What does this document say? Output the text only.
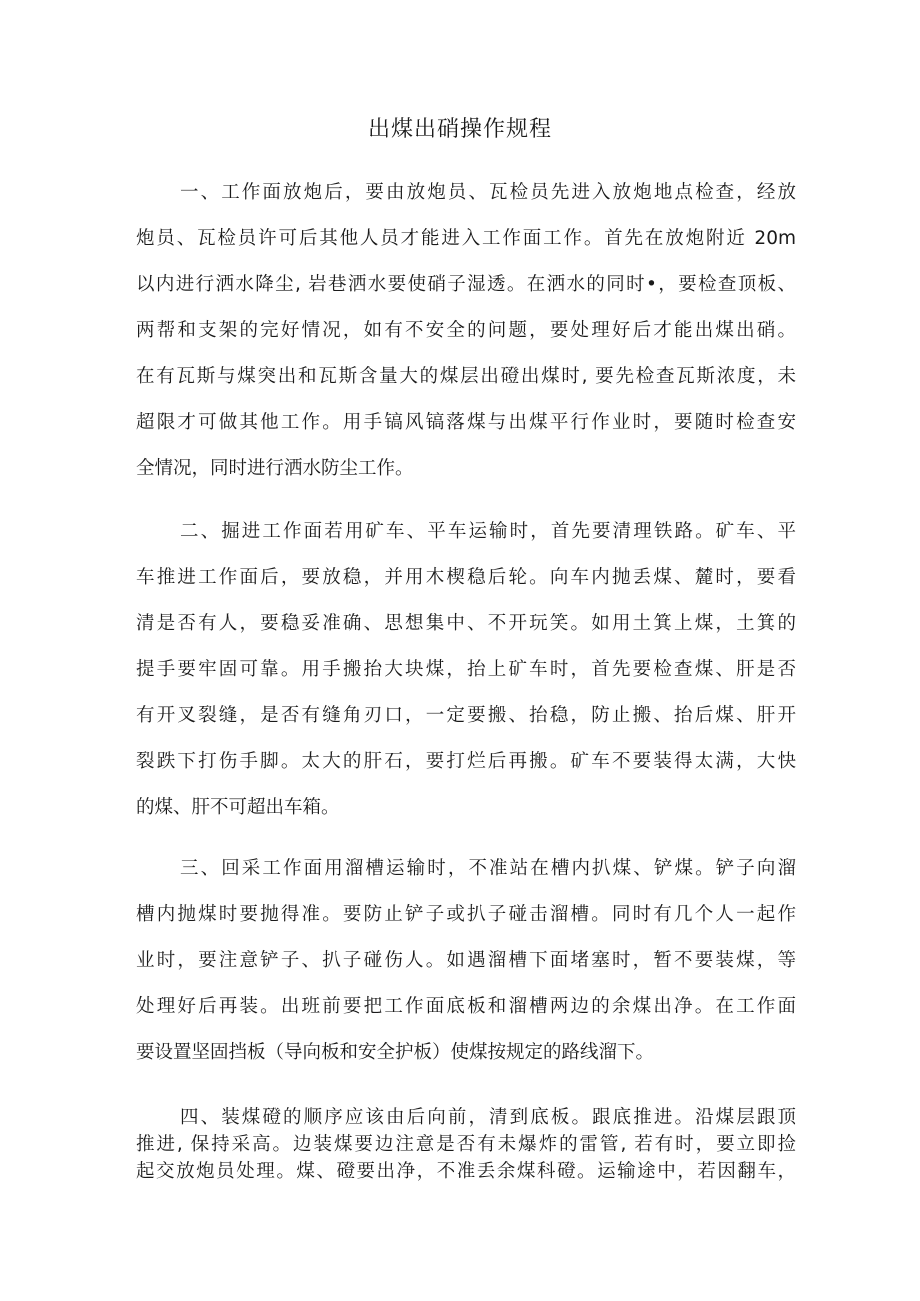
出煤出硝操作规程
一、工作面放炮后，要由放炮员、瓦检员先进入放炮地点检查，经放
炮员、瓦检员许可后其他人员才能进入工作面工作。首先在放炮附近 20m
以内进行洒水降尘, 岩巷洒水要使硝子湿透。在洒水的同时•，要检查顶板、
两帮和支架的完好情况，如有不安全的问题，要处理好后才能出煤出硝。
在有瓦斯与煤突出和瓦斯含量大的煤层出磴出煤时, 要先检查瓦斯浓度，未
超限才可做其他工作。用手镐风镐落煤与出煤平行作业时，要随时检查安
全情况，同时进行洒水防尘工作。
二、掘进工作面若用矿车、平车运输时，首先要清理铁路。矿车、平
车推进工作面后，要放稳，并用木楔稳后轮。向车内抛丢煤、麓时，要看
清是否有人，要稳妥准确、思想集中、不开玩笑。如用土箕上煤，土箕的
提手要牢固可靠。用手搬抬大块煤，抬上矿车时，首先要检查煤、肝是否
有开叉裂缝，是否有缝角刃口，一定要搬、抬稳，防止搬、抬后煤、肝开
裂跌下打伤手脚。太大的肝石，要打烂后再搬。矿车不要装得太满，大快
的煤、肝不可超出车箱。
三、回采工作面用溜槽运输时，不准站在槽内扒煤、铲煤。铲子向溜
槽内抛煤时要抛得准。要防止铲子或扒子碰击溜槽。同时有几个人一起作
业时，要注意铲子、扒子碰伤人。如遇溜槽下面堵塞时，暂不要装煤，等
处理好后再装。出班前要把工作面底板和溜槽两边的余煤出净。在工作面
要设置坚固挡板（导向板和安全护板）使煤按规定的路线溜下。
四、装煤磴的顺序应该由后向前，清到底板。跟底推进。沿煤层跟顶
推进, 保持采高。边装煤要边注意是否有未爆炸的雷管, 若有时，要立即捡
起交放炮员处理。煤、磴要出净，不准丢余煤科磴。运输途中，若因翻车，
